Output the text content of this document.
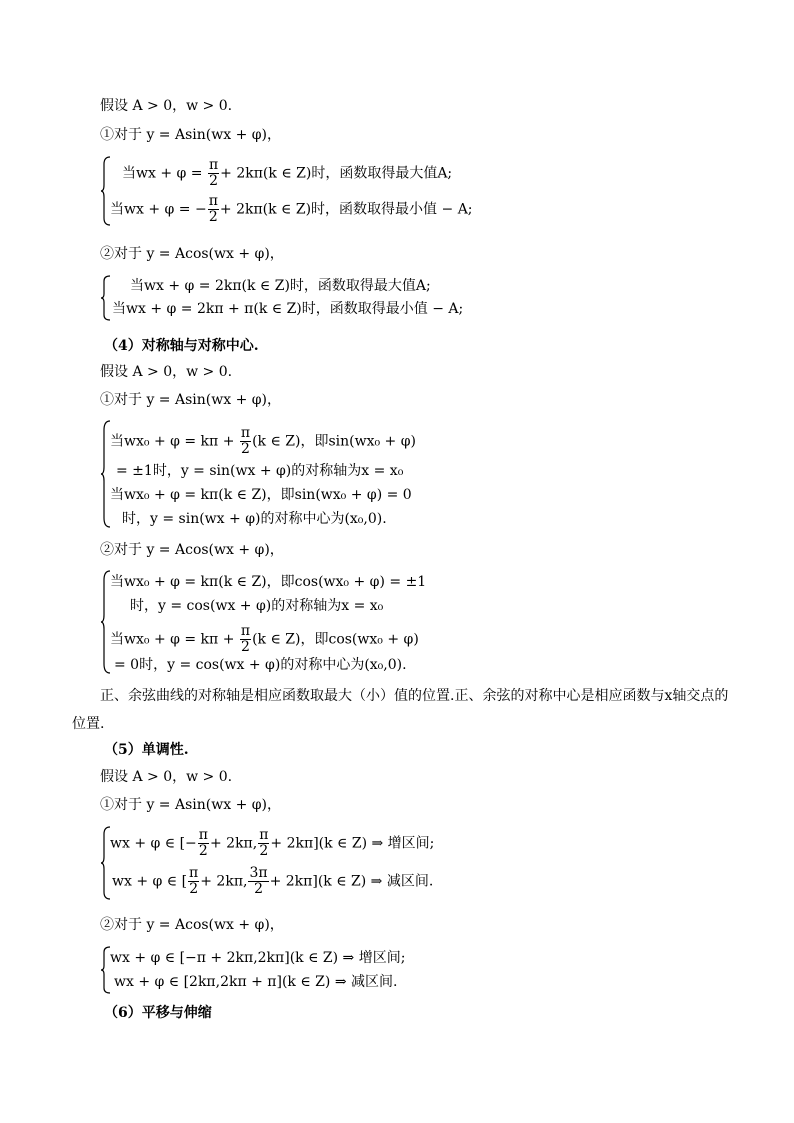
假设 A > 0，w > 0.
①对于 y = Asin(wx + φ)，
当wx + $\varphi = \frac{\pi}{2} + 2k\pi(k$ ∈ Z)时，函数取得最大值A;
当wx + φ = − $\frac{\pi}{2} + 2k\pi(k$ ∈ Z)时，函数取得最小值 − A;
②对于 y = Acos(wx + φ)，
当wx + φ = 2kπ(k ∈ Z)时，函数取得最大值A;
当wx + φ = 2kπ + π(k ∈ Z)时，函数取得最小值 − A;
（4）对称轴与对称中心.
假设 A > 0，w > 0.
①对于 y = Asin(wx + φ)，
当$wx_0 + \varphi = k\pi + \frac{\pi}{2} (k$ ∈ Z)，即sin(wx₀ + φ)
= ±1时，y = sin(wx + φ)的对称轴为x = x₀
当wx₀ + φ = kπ(k ∈ Z)，即sin(wx₀ + φ) = 0
时，y = sin(wx + φ)的对称中心为(x₀,0).
②对于 y = Acos(wx + φ)，
当wx₀ + φ = kπ(k ∈ Z)，即cos(wx₀ + φ) = ±1
时，y = cos(wx + φ)的对称轴为x = x₀
当$wx_0 + \varphi = k\pi + \frac{\pi}{2} (k$ ∈ Z)，即cos(wx₀ + φ)
= 0时，y = cos(wx + φ)的对称中心为(x₀,0).
正、余弦曲线的对称轴是相应函数取最大（小）值的位置.正、余弦的对称中心是相应函数与x轴交点的位置.
（5）单调性.
假设 A > 0，w > 0.
①对于 y = Asin(wx + φ)，
wx + φ ∈ [− $\frac{\pi}{2} + 2k\pi$, $\frac{\pi}{2} + 2k\pi](k$ ∈ Z) ⇒ 增区间;
wx + φ ∈ [ $\frac{\pi}{2} + 2k\pi$, $\frac{3\pi}{2} + 2k\pi](k$ ∈ Z) ⇒ 减区间.
②对于 y = Acos(wx + φ)，
wx + φ ∈ [−π + 2kπ,2kπ](k ∈ Z) ⇒ 增区间;
wx + φ ∈ [2kπ,2kπ + π](k ∈ Z) ⇒ 减区间.
（6）平移与伸缩
